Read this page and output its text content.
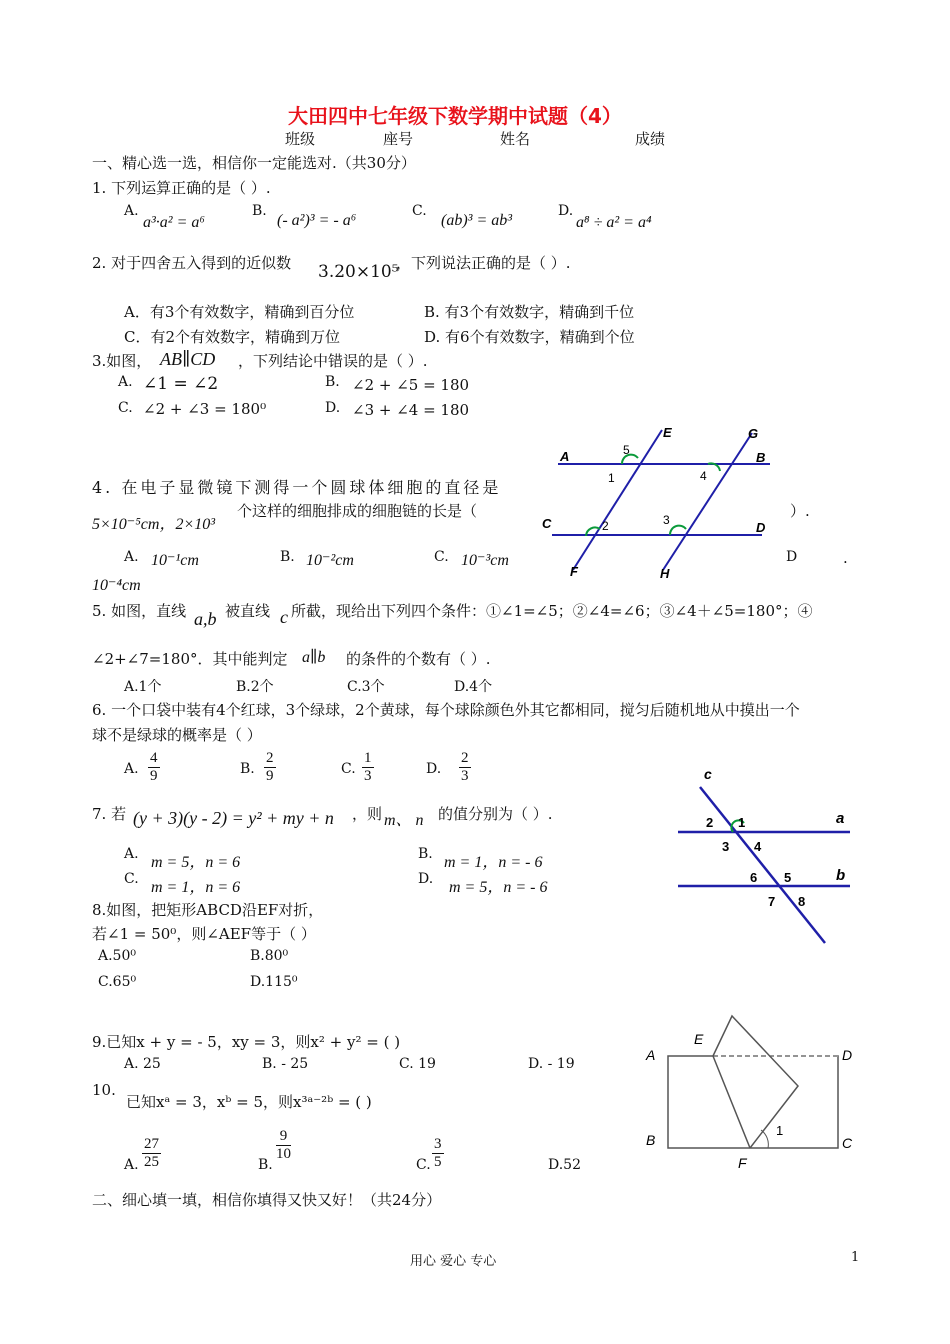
大田四中七年级下数学期中试题（4）
班级	座号	姓名	成绩
一、精心选一选，相信你一定能选对.（共30分）
1. 下列运算正确的是（ ）.
A.
a³·a² = a⁶
B.
(- a²)³ = - a⁶
C.
(ab)³ = ab³
D.
a⁸ ÷ a² = a⁴
2. 对于四舍五入得到的近似数 3.20×10⁵
，下列说法正确的是（ ）.
A．有3个有效数字，精确到百分位	B. 有3个有效数字，精确到千位
C．有2个有效数字，精确到万位	D. 有6个有效数字，精确到个位
3.如图， AB∥CD ，下列结论中错误的是（ ）.
A. ∠1 = ∠2	B. ∠2 + ∠5 = 180
C. ∠2 + ∠3 = 180⁰	D. ∠3 + ∠4 = 180
A	B
C	D
E
F
G
H
1
2	3
4
5
4. 在电子显微镜下测得一个圆球体细胞的直径是
5×10⁻⁵cm，2×10³
个这样的细胞排成的细胞链的长是（	）.
A. 10⁻¹cm	B. 10⁻²cm	C. 10⁻³cm	D	.
10⁻⁴cm
5. 如图，直线 a,b 被直线 c 所截，现给出下列四个条件：①∠1=∠5；②∠4=∠6；③∠4＋∠5=180°；④
∠2+∠7=180°．其中能判定 a∥b 的条件的个数有（ ）.
A.1个	B.2个	C.3个	D.4个
6. 一个口袋中装有4个红球，3个绿球，2个黄球，每个球除颜色外其它都相同，搅匀后随机地从中摸出一个
球不是绿球的概率是（ ）
A. $\frac{4}{9}$	B. $\frac{2}{9}$	C. $\frac{1}{3}$	D. $\frac{2}{3}$	c
a
b
1
2
3 4
5
6
7 8
7. 若 (y + 3)(y - 2) = y² + my + n ，则 m、 n 的值分别为（ ）.
A. m = 5，n = 6	B. m = 1，n = - 6
C. m = 1，n = 6	D. m = 5，n = - 6
8.如图，把矩形ABCD沿EF对折，
若∠1 = 50⁰，则∠AEF等于（ ）
A.50⁰	B.80⁰
C.65⁰	D.115⁰
9.已知x + y = - 5，xy = 3，则x² + y² = ( )
A. 25	B. - 25	C. 19	D. - 19
10.
已知xᵃ = 3，xᵇ = 5，则x³ᵃ⁻²ᵇ = ( )
A. $\frac{27}{25}$	B.
$\frac{9}{10}$
C. $\frac{3}{5}$	D.52
A
B	C
D
E
F
1
二、细心填一填，相信你填得又快又好！（共24分）
用心 爱心 专心	1
